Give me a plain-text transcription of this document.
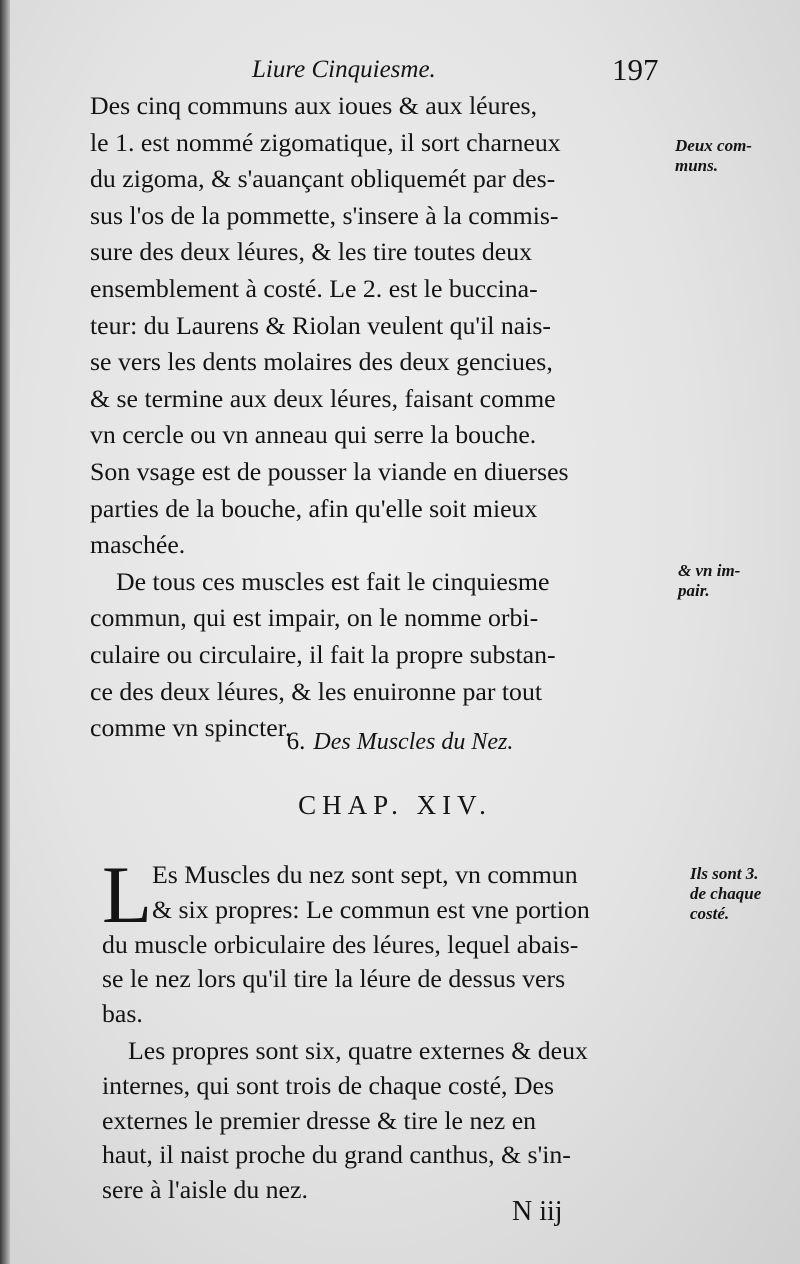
Liure Cinquiesme.	197
Des cinq communs aux ioues & aux léures,
le 1. est nommé zigomatique, il sort charneux
du zigoma, & s'auançant obliquemét par des-
sus l'os de la pommette, s'insere à la commis-
sure des deux léures, & les tire toutes deux
ensemblement à costé. Le 2. est le buccina-
teur: du Laurens & Riolan veulent qu'il nais-
se vers les dents molaires des deux genciues,
& se termine aux deux léures, faisant comme
vn cercle ou vn anneau qui serre la bouche.
Son vsage est de pousser la viande en diuerses
parties de la bouche, afin qu'elle soit mieux
maschée.
De tous ces muscles est fait le cinquiesme
commun, qui est impair, on le nomme orbi-
culaire ou circulaire, il fait la propre substan-
ce des deux léures, & les enuironne par tout
comme vn spincter.
6. Des Muscles du Nez.
CHAP. XIV.
L Es Muscles du nez sont sept, vn commun
& six propres: Le commun est vne portion
du muscle orbiculaire des léures, lequel abais-
se le nez lors qu'il tire la léure de dessus vers
bas.
Les propres sont six, quatre externes & deux
internes, qui sont trois de chaque costé, Des
externes le premier dresse & tire le nez en
haut, il naist proche du grand canthus, & s'in-
sere à l'aisle du nez.
Deux com-
muns.
& vn im-
pair.
Ils sont 3.
de chaque
costé.
N iij
